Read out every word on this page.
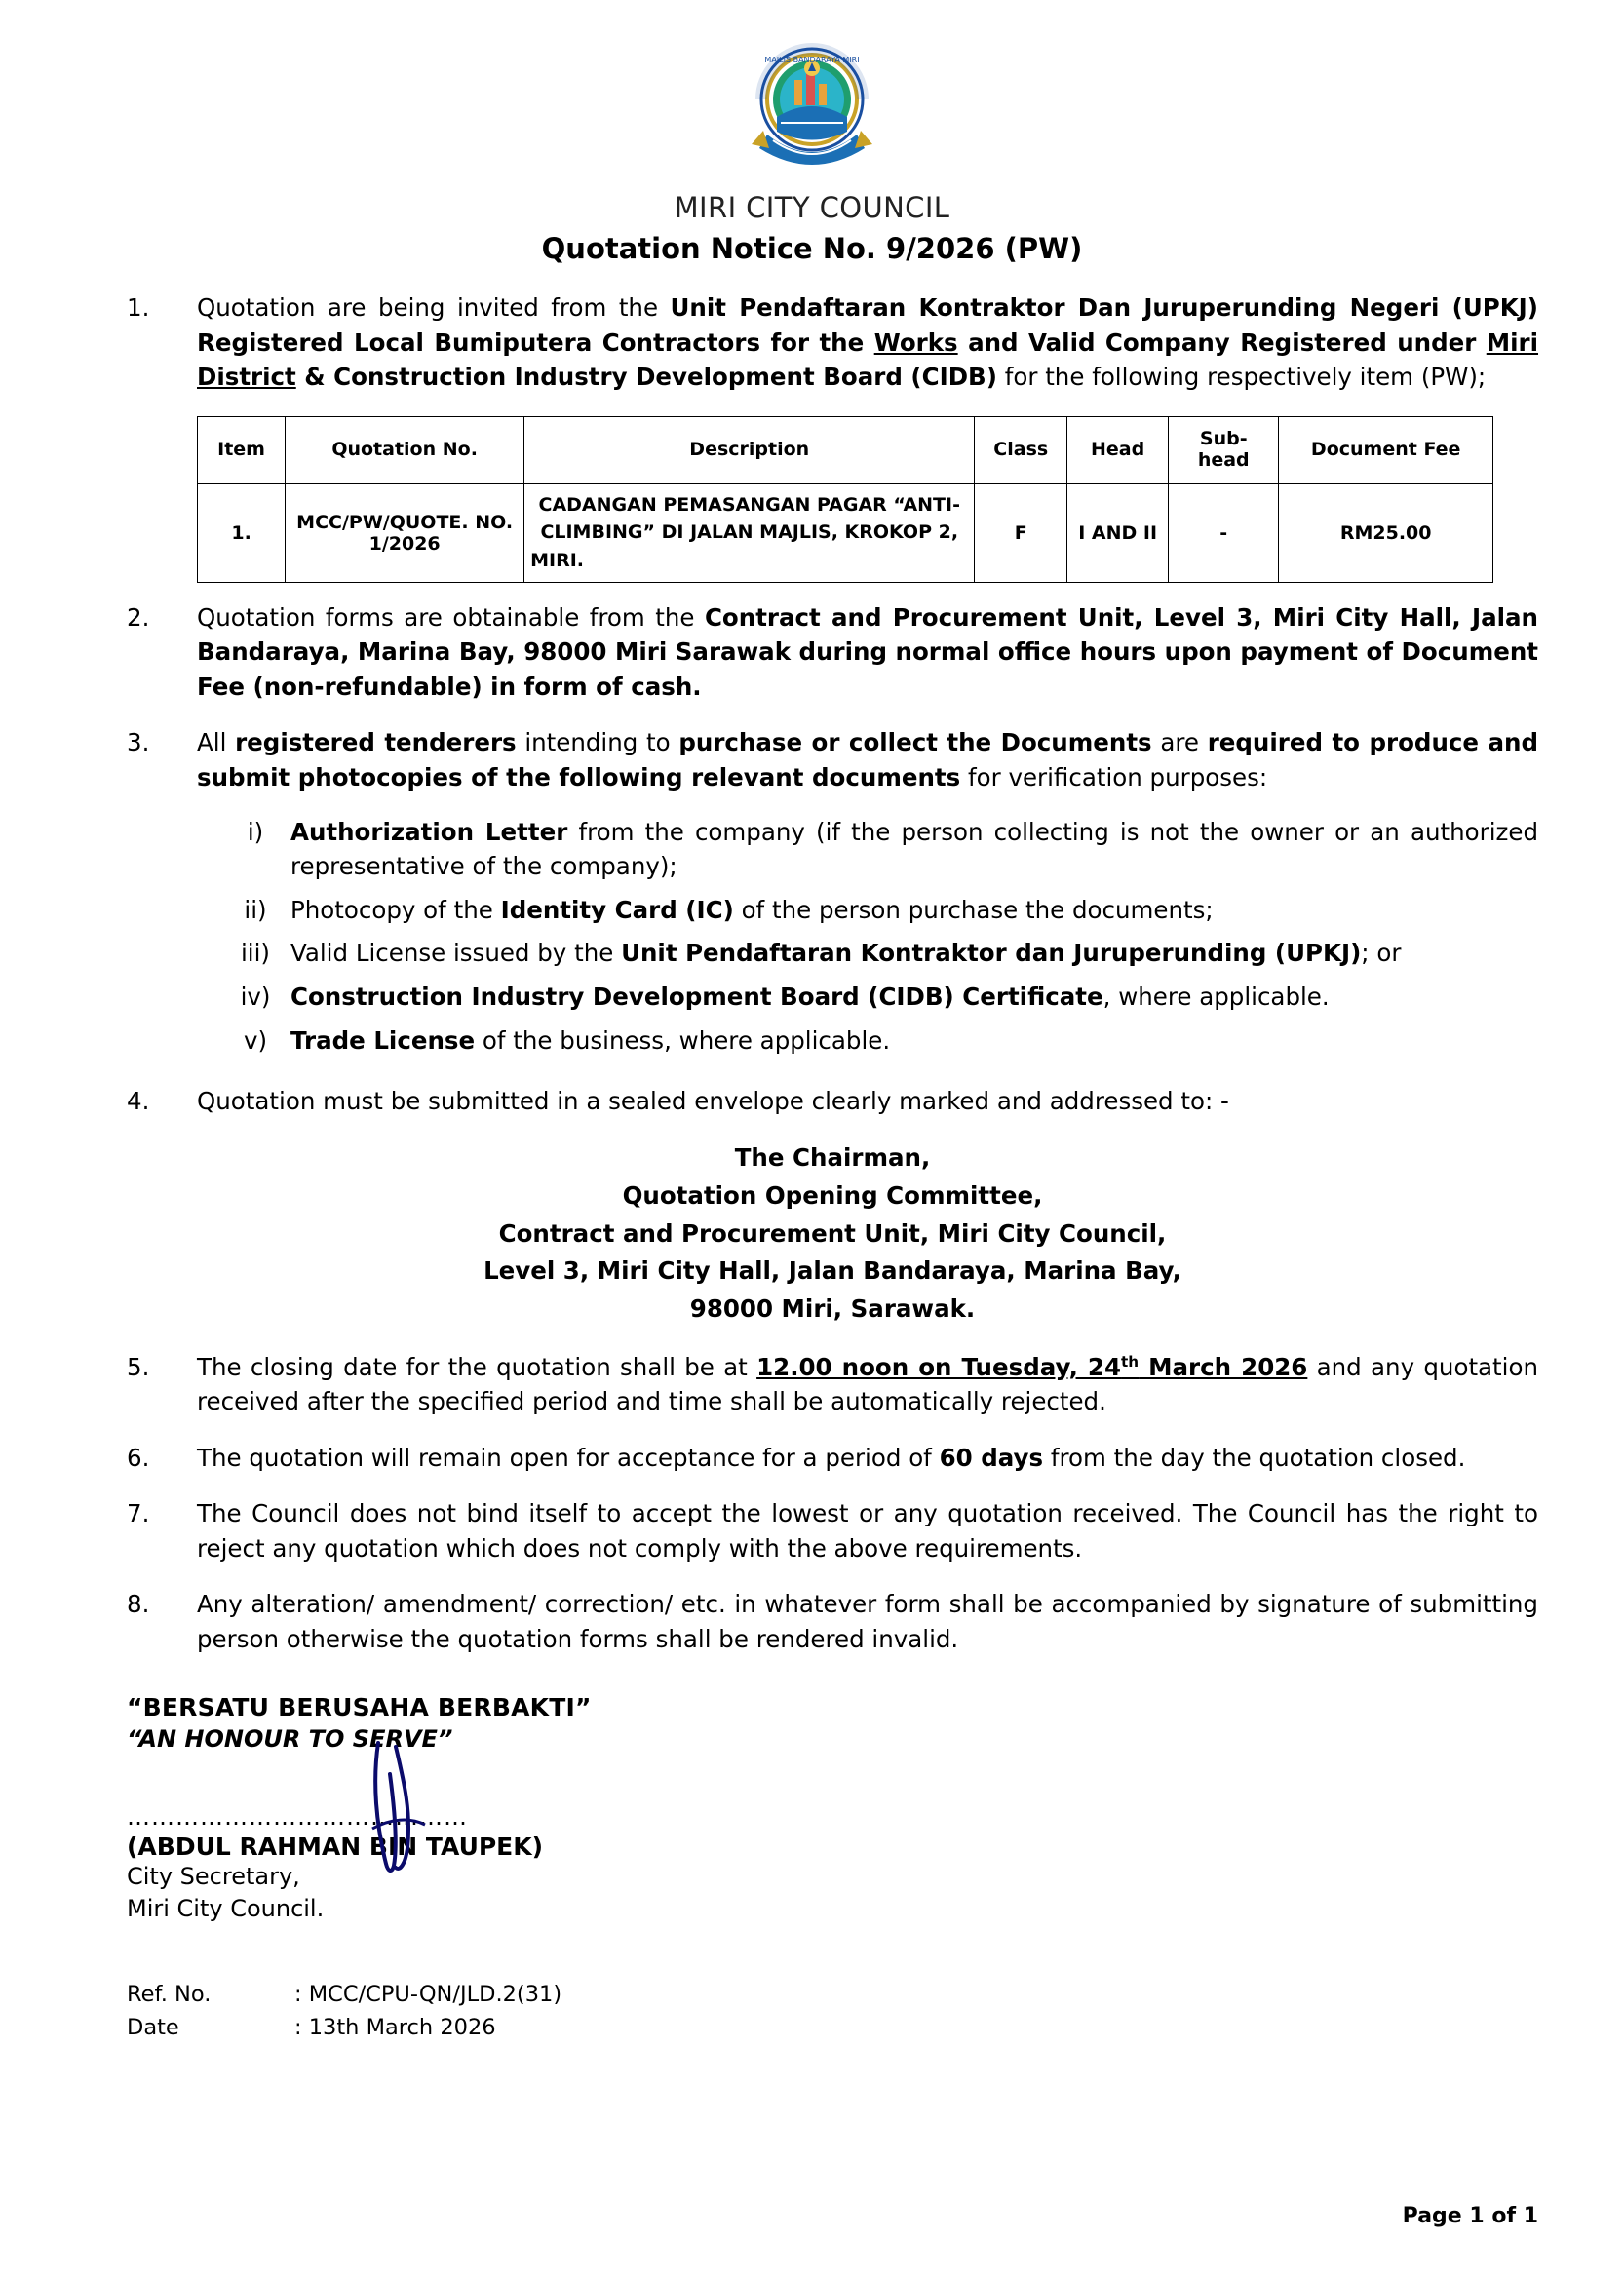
MAJLIS BANDARAYA MIRI
MIRI CITY COUNCIL
Quotation Notice No. 9/2026 (PW)
1.	Quotation are being invited from the Unit Pendaftaran Kontraktor Dan Juruperunding Negeri (UPKJ) Registered Local Bumiputera Contractors for the Works and Valid Company Registered under Miri District & Construction Industry Development Board (CIDB) for the following respectively item (PW);
Item	Quotation No.	Description	Class	Head	Sub-head	Document Fee
1.	MCC/PW/QUOTE. NO. 1/2026	CADANGAN PEMASANGAN PAGAR “ANTI-CLIMBING” DI JALAN MAJLIS, KROKOP 2, MIRI.	F	I AND II	-	RM25.00
2.	Quotation forms are obtainable from the Contract and Procurement Unit, Level 3, Miri City Hall, Jalan Bandaraya, Marina Bay, 98000 Miri Sarawak during normal office hours upon payment of Document Fee (non-refundable) in form of cash.
3.	All registered tenderers intending to purchase or collect the Documents are required to produce and submit photocopies of the following relevant documents for verification purposes:
i)	Authorization Letter from the company (if the person collecting is not the owner or an authorized representative of the company);
ii) Photocopy of the Identity Card (IC) of the person purchase the documents;
iii) Valid License issued by the Unit Pendaftaran Kontraktor dan Juruperunding (UPKJ); or
iv) Construction Industry Development Board (CIDB) Certificate, where applicable.
v) Trade License of the business, where applicable.
4.	Quotation must be submitted in a sealed envelope clearly marked and addressed to: -
The Chairman,
Quotation Opening Committee,
Contract and Procurement Unit, Miri City Council,
Level 3, Miri City Hall, Jalan Bandaraya, Marina Bay,
98000 Miri, Sarawak.
5.	The closing date for the quotation shall be at 12.00 noon on Tuesday, 24th March 2026 and any quotation received after the specified period and time shall be automatically rejected.
6.	The quotation will remain open for acceptance for a period of 60 days from the day the quotation closed.
7.	The Council does not bind itself to accept the lowest or any quotation received. The Council has the right to reject any quotation which does not comply with the above requirements.
8.	Any alteration/ amendment/ correction/ etc. in whatever form shall be accompanied by signature of submitting person otherwise the quotation forms shall be rendered invalid.
“BERSATU BERUSAHA BERBAKTI”
“AN HONOUR TO SERVE”
……………………………………
(ABDUL RAHMAN BIN TAUPEK)
City Secretary,
Miri City Council.
Ref. No.	: MCC/CPU-QN/JLD.2(31)
Date	: 13th March 2026
Page 1 of 1
